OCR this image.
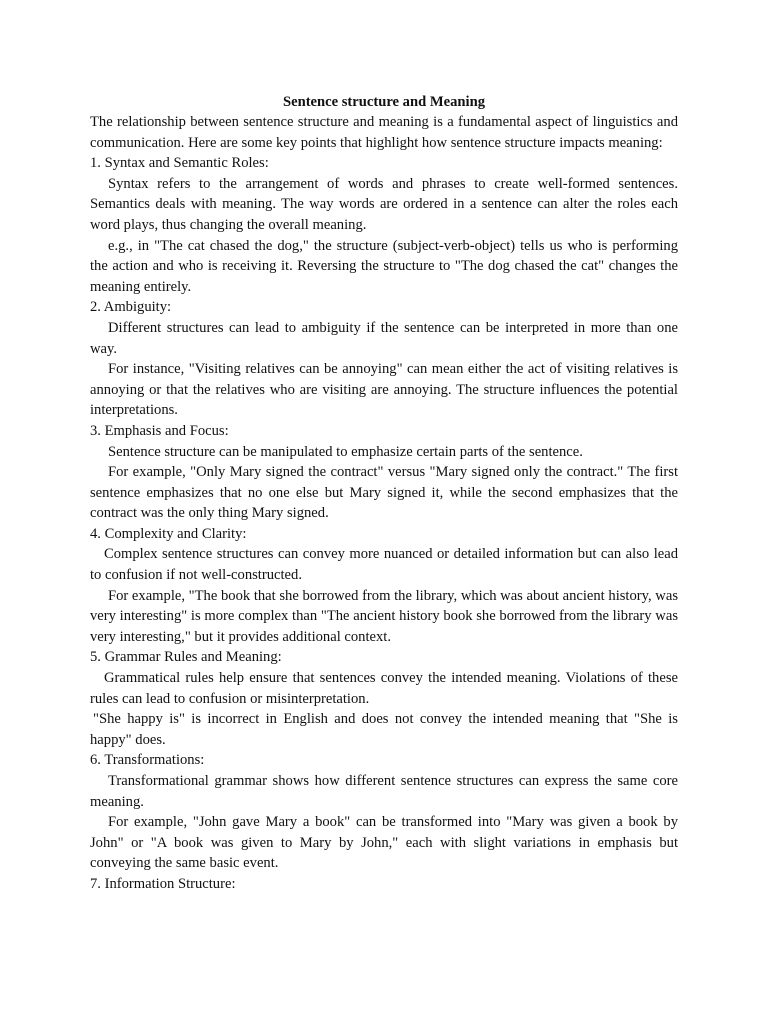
Sentence structure and Meaning

The relationship between sentence structure and meaning is a fundamental aspect of linguistics and communication. Here are some key points that highlight how sentence structure impacts meaning:

1. Syntax and Semantic Roles:

Syntax refers to the arrangement of words and phrases to create well-formed sentences. Semantics deals with meaning. The way words are ordered in a sentence can alter the roles each word plays, thus changing the overall meaning.

e.g., in "The cat chased the dog," the structure (subject-verb-object) tells us who is performing the action and who is receiving it. Reversing the structure to "The dog chased the cat" changes the meaning entirely.

2. Ambiguity:

Different structures can lead to ambiguity if the sentence can be interpreted in more than one way.

For instance, "Visiting relatives can be annoying" can mean either the act of visiting relatives is annoying or that the relatives who are visiting are annoying. The structure influences the potential interpretations.

3. Emphasis and Focus:

Sentence structure can be manipulated to emphasize certain parts of the sentence.

For example, "Only Mary signed the contract" versus "Mary signed only the contract." The first sentence emphasizes that no one else but Mary signed it, while the second emphasizes that the contract was the only thing Mary signed.

4. Complexity and Clarity:

Complex sentence structures can convey more nuanced or detailed information but can also lead to confusion if not well-constructed.

For example, "The book that she borrowed from the library, which was about ancient history, was very interesting" is more complex than "The ancient history book she borrowed from the library was very interesting," but it provides additional context.

5. Grammar Rules and Meaning:

Grammatical rules help ensure that sentences convey the intended meaning. Violations of these rules can lead to confusion or misinterpretation.

"She happy is" is incorrect in English and does not convey the intended meaning that "She is happy" does.

6. Transformations:

Transformational grammar shows how different sentence structures can express the same core meaning.

For example, "John gave Mary a book" can be transformed into "Mary was given a book by John" or "A book was given to Mary by John," each with slight variations in emphasis but conveying the same basic event.

7. Information Structure:
